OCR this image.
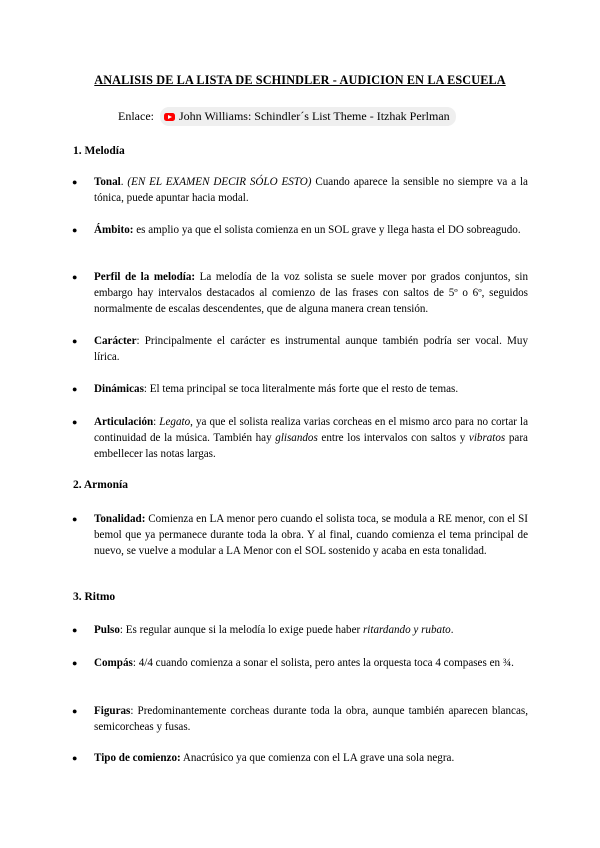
ANALISIS DE LA LISTA DE SCHINDLER - AUDICION EN LA ESCUELA
Enlace: John Williams: Schindler´s List Theme - Itzhak Perlman
1. Melodía
● Tonal. (EN EL EXAMEN DECIR SÓLO ESTO) Cuando aparece la sensible no siempre va a la tónica, puede apuntar hacia modal.
● Ámbito: es amplio ya que el solista comienza en un SOL grave y llega hasta el DO sobreagudo.
● Perfil de la melodía: La melodía de la voz solista se suele mover por grados conjuntos, sin embargo hay intervalos destacados al comienzo de las frases con saltos de 5º o 6º, seguidos normalmente de escalas descendentes, que de alguna manera crean tensión.
● Carácter: Principalmente el carácter es instrumental aunque también podría ser vocal. Muy lírica.
● Dinámicas: El tema principal se toca literalmente más forte que el resto de temas.
● Articulación: Legato, ya que el solista realiza varias corcheas en el mismo arco para no cortar la continuidad de la música. También hay glisandos entre los intervalos con saltos y vibratos para embellecer las notas largas.
2. Armonía
● Tonalidad: Comienza en LA menor pero cuando el solista toca, se modula a RE menor, con el SI bemol que ya permanece durante toda la obra. Y al final, cuando comienza el tema principal de nuevo, se vuelve a modular a LA Menor con el SOL sostenido y acaba en esta tonalidad.
3. Ritmo
● Pulso: Es regular aunque si la melodía lo exige puede haber ritardando y rubato.
● Compás: 4/4 cuando comienza a sonar el solista, pero antes la orquesta toca 4 compases en ¾.
● Figuras: Predominantemente corcheas durante toda la obra, aunque también aparecen blancas, semicorcheas y fusas.
● Tipo de comienzo: Anacrúsico ya que comienza con el LA grave una sola negra.
